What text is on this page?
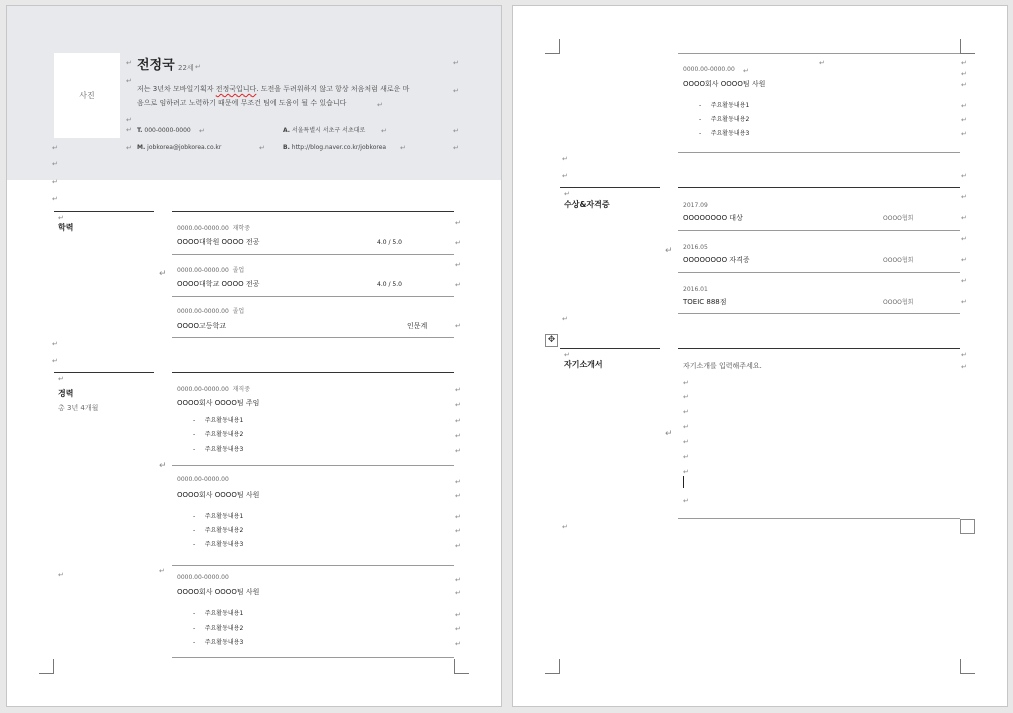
사진
전정국 22세
저는 3년차 모바일기획자 전정국입니다. 도전을 두려워하지 않고 항상 처음처럼 새로운 마
음으로 임하려고 노력하기 때문에 무조건 팀에 도움이 될 수 있습니다
T. 000-0000-0000	A. 서울특별시 서초구 서초대로
M. jobkorea@jobkorea.co.kr	B. http://blog.naver.co.kr/jobkorea
학력	0000.00-0000.00 재학중
OOOO대학원 OOOO 전공	4.0 / 5.0
0000.00-0000.00 졸업
OOOO대학교 OOOO 전공	4.0 / 5.0
0000.00-0000.00 졸업
OOOO고등학교	인문계
경력
총 3년 4개월
0000.00-0000.00 재직중
OOOO회사 OOOO팀 주임
- 주요활동내용1
- 주요활동내용2
- 주요활동내용3
0000.00-0000.00
OOOO회사 OOOO팀 사원
- 주요활동내용1
- 주요활동내용2
- 주요활동내용3
0000.00-0000.00
OOOO회사 OOOO팀 사원
- 주요활동내용1
- 주요활동내용2
- 주요활동내용3
↵	↵	↵
↵
↵
↵
↵
↵	↵	↵	↵
↵	↵	↵	↵	↵
↵
↵
↵
↵
↵
↵
↵
↵
↵
↵
↵
↵
↵
↵
↵
↵
↵
↵
↵
↵
↵
↵
↵
↵
↵	↵
↵
↵
↵
↵
↵
0000.00-0000.00
OOOO회사 OOOO팀 사원
- 주요활동내용1
- 주요활동내용2
- 주요활동내용3
수상&자격증	2017.09
OOOOOOOO 대상	OOOO협회
2016.05
OOOOOOOO 자격증	OOOO협회
2016.01
TOEIC 888점	OOOO협회
✥
자기소개서	자기소개를 입력해주세요.
↵
↵	↵
↵
↵
↵
↵
↵
↵
↵	↵
↵	↵
↵
↵
↵
↵
↵
↵
↵
↵	↵
↵
↵
↵
↵
↵
↵
↵
↵
↵
↵
↵
